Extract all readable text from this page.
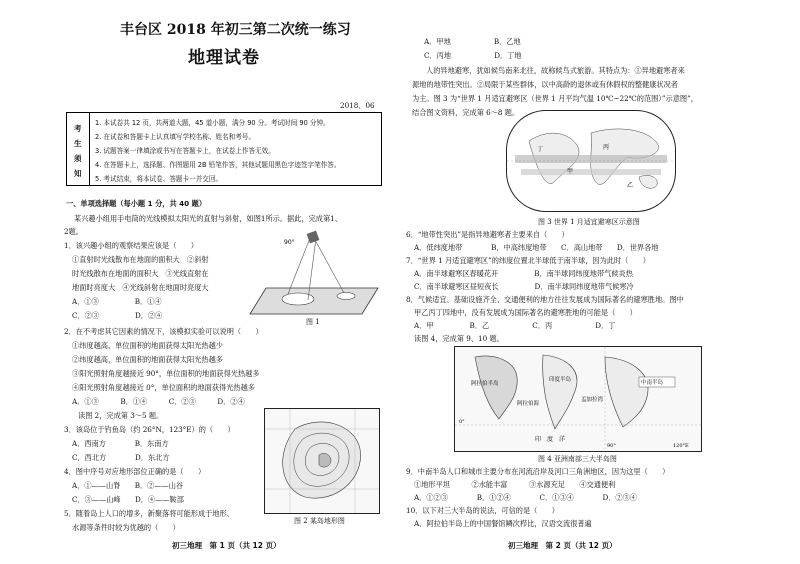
丰台区 2018 年初三第二次统一练习
地理试卷
2018．06
考
生
须
知
1. 本试卷共 12 页，共两道大题，45 道小题，满分 90 分。考试时间 90 分钟。
2. 在试卷和答题卡上认真填写学校名称、姓名和考号。
3. 试题答案一律填涂或书写在答题卡上，在试卷上作答无效。
4. 在答题卡上，选择题、作图题用 2B 铅笔作答，其他试题用黑色字迹签字笔作答。
5. 考试结束，将本试卷、答题卡一并交回。
一、单项选择题（每小题 1 分，共 40 题）
某兴趣小组用手电筒的光线模拟太阳光的直射与斜射，如图1所示。据此，完成第1、
2题。
1．该兴趣小组的观察结果应该是（　　）
①直射时光线散布在地面的面积大　②斜射
时光线散布在地面的面积大　③光线直射在
地面时亮度大　④光线斜射在地面时亮度大
A．①③　　　　　B．①④
C．②③　　　　　D．②④
2．在不考虑其它因素的情况下，该模拟实验可以说明（　　）
①纬度越高，单位面积的地面获得太阳光热越少
②纬度越高，单位面积的地面获得太阳光热越多
③阳光照射角度越接近 90°，单位面积的地面获得光热越多
④阳光照射角度越接近 0°，单位面积的地面获得光热越多
A．①③　　　B．①④　　　C．②③　　　D．②④
读图 2，完成第 3～5 题。
3．该岛位于钓鱼岛（约 26°N，123°E）的（　　）
A．西南方　　　　B．东南方
C．西北方　　　　D．东北方
4．图中序号对应地形部位正确的是（　　）
A．①——山脊　　B．②——山谷
C．③——山峰　　D．④——鞍部
5．随着岛上人口的增多，新聚落将可能形成于地形、
水源等条件时较为优越的（　　）
90°
图 1
图 2 某岛地形图
初三地理　第 1 页（共 12 页）
A．甲地　　　　　　B．乙地
C．丙地　　　　　　D．丁地
人的异地避寒，犹如候鸟南来北往，故称候鸟式旅游。其特点为：①异地避寒者来
源地的地带性突出。②局限于某些群体，以中高龄的退休或有休假权的整健康状况者
为主。图 3 为“世界 1 月适宜避寒区（世界 1 月平均气温 10℃~22℃的范围）”示意图”，
结合图文资料，完成第 6～8 题。
丁	丙
甲
乙
图 3 世界 1 月适宜避寒区示意图
6．“地带性突出”是指异地避寒者主要来自（　　）
A．低纬度地带　　　　B．中高纬度地带　　C．高山地带　　D．世界各地
7．“世界 1 月适宜避寒区”的纬度位置北半球低于南半球，因为此时（　　）
A．南半球避寒区春暖花开　　　　　B．南半球同纬度地带气候炎热
C．南半球避寒区昼短夜长　　　　　D．南半球同纬度地带气候寒冷
8．气候适宜、基础设施齐全、交通便利的地方往往发展成为国际著名的避寒胜地。图中
甲乙丙丁四地中，没有发展成为国际著名的避寒胜地的可能是（　　）
A．甲　　　　　B．乙　　　　　　C．丙　　　　　　D．丁
读图 4，完成第 9、10 题。
阿拉伯半岛
印度半岛	中南半岛
孟加拉湾
阿拉伯海
印　度　洋
0°
90°	120°E
图 4 亚洲南部三大半岛图
9．中南半岛人口和城市主要分布在河流沿岸及河口三角洲地区，因为这里（　　）
①地形平坦　　　②水能丰富　　　③水源充足　　④交通便利
A．①②③　　　　B．①②④　　　　C．①③④　　　　D．②③④
10．以下对三大半岛的说法，可信的是（　　）
A．阿拉伯半岛上的中国餐馆鳞次栉比，汉语交流很普遍
初三地理　第 2 页（共 12 页）
